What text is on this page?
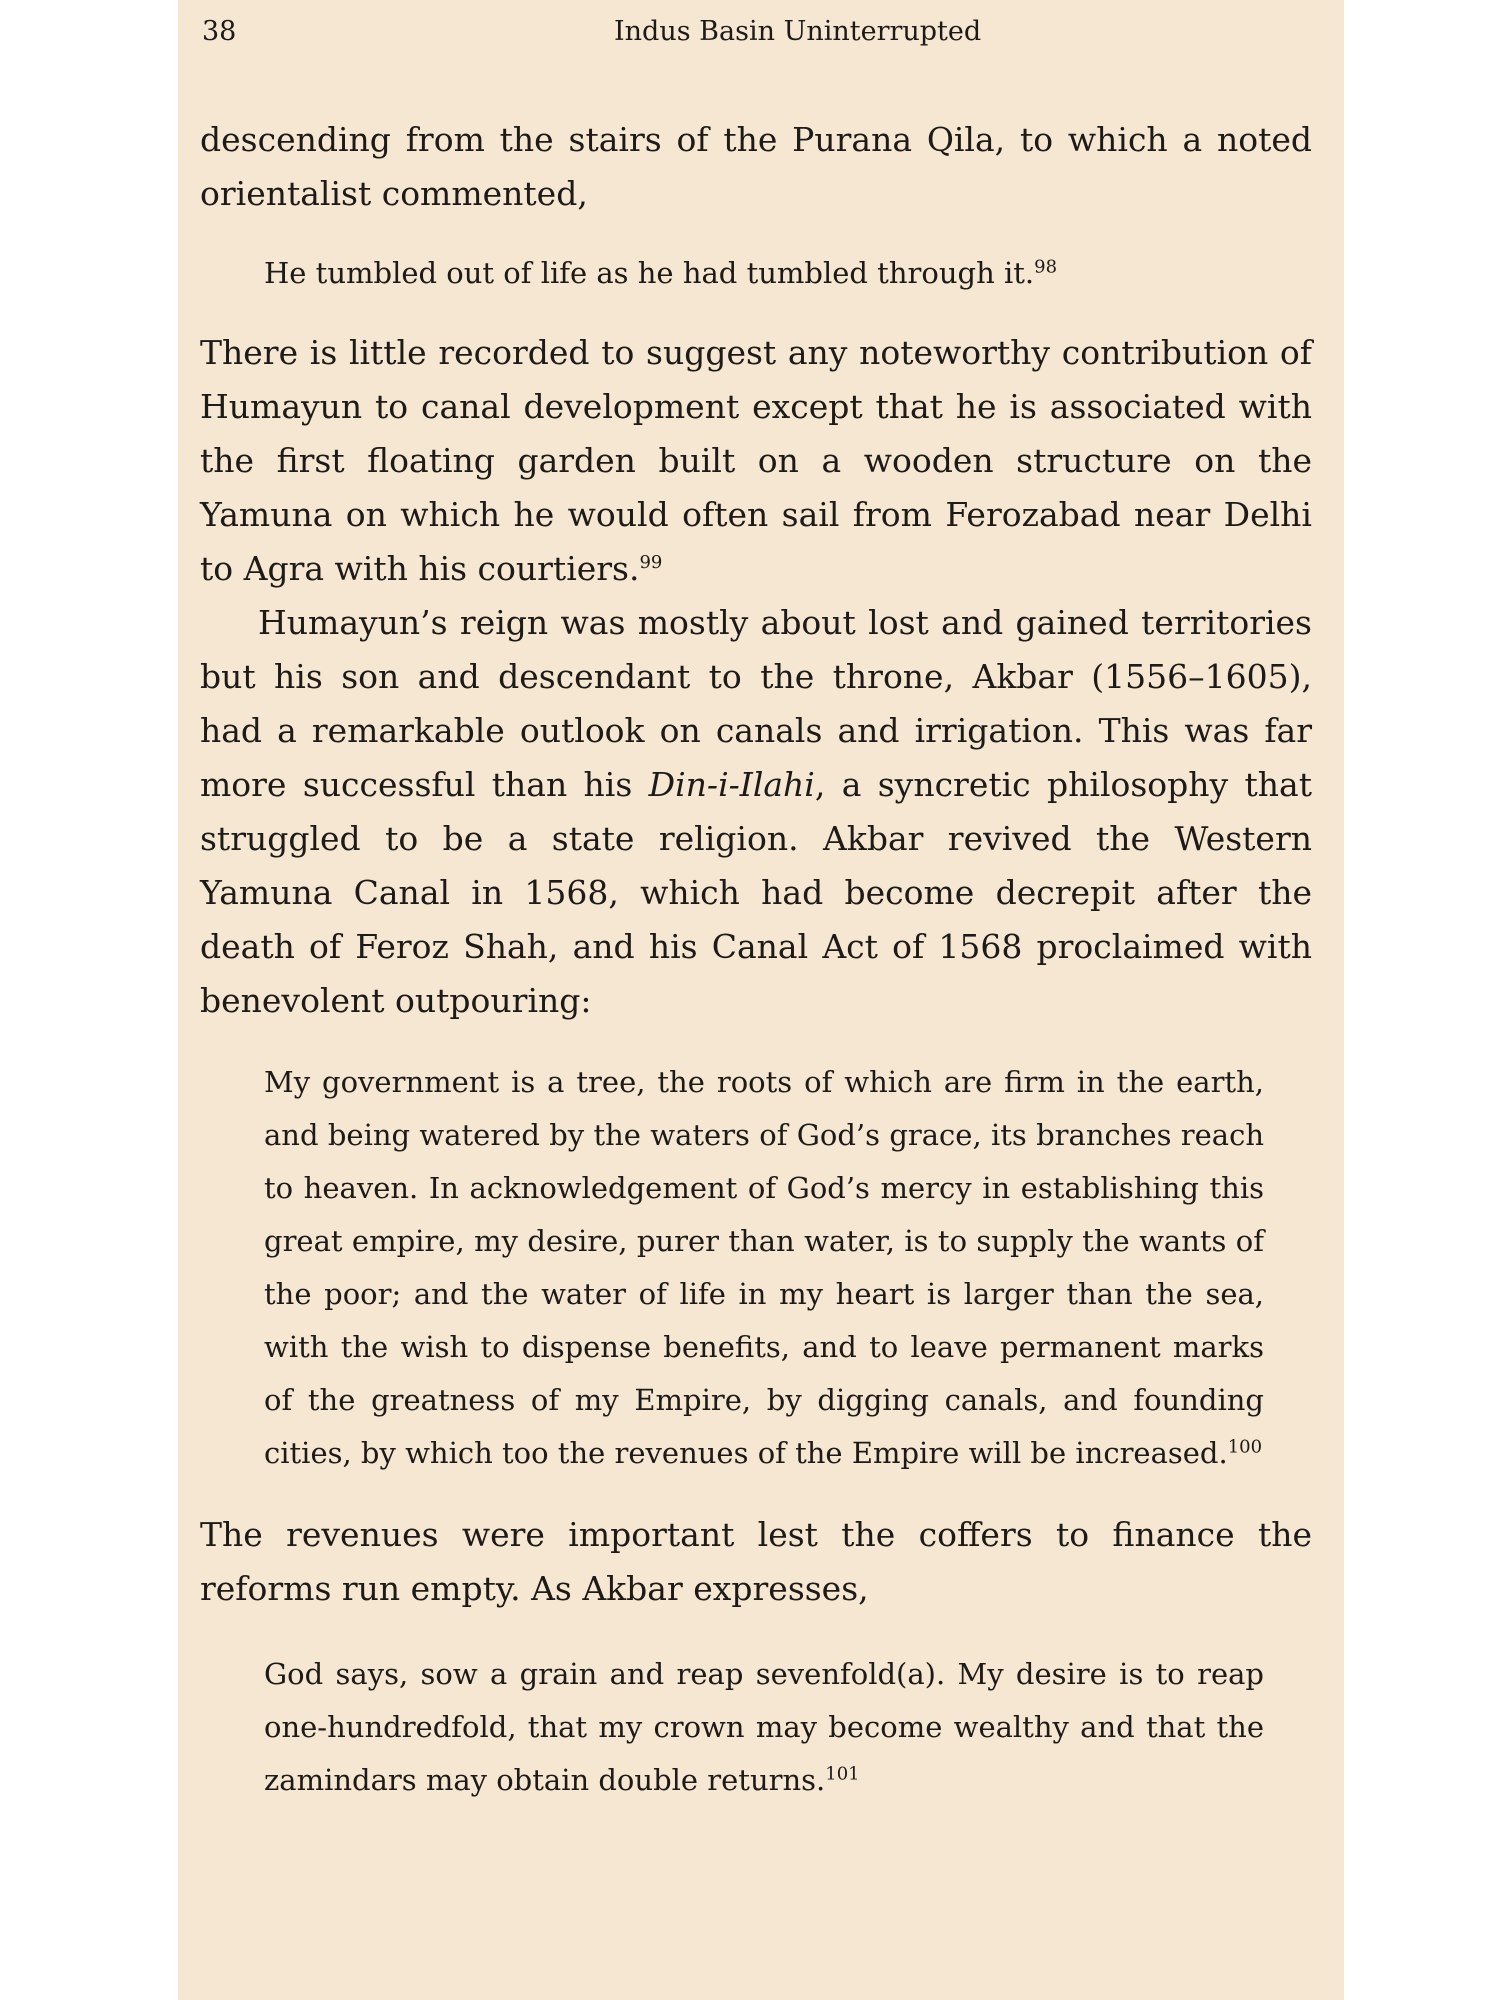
38	Indus Basin Uninterrupted

descending from the stairs of the Purana Qila, to which a noted orientalist commented,

He tumbled out of life as he had tumbled through it.$^{98}$

There is little recorded to suggest any noteworthy contribution of Humayun to canal development except that he is associated with the first floating garden built on a wooden structure on the Yamuna on which he would often sail from Ferozabad near Delhi to Agra with his courtiers.$^{99}$

Humayun’s reign was mostly about lost and gained territories but his son and descendant to the throne, Akbar (1556–1605), had a remarkable outlook on canals and irrigation. This was far more successful than his Din-i-Ilahi, a syncretic philosophy that struggled to be a state religion. Akbar revived the Western Yamuna Canal in 1568, which had become decrepit after the death of Feroz Shah, and his Canal Act of 1568 proclaimed with benevolent outpouring:

My government is a tree, the roots of which are firm in the earth, and being watered by the waters of God’s grace, its branches reach to heaven. In acknowledgement of God’s mercy in establishing this great empire, my desire, purer than water, is to supply the wants of the poor; and the water of life in my heart is larger than the sea, with the wish to dispense benefits, and to leave permanent marks of the greatness of my Empire, by digging canals, and founding cities, by which too the revenues of the Empire will be increased.$^{100}$

The revenues were important lest the coffers to finance the reforms run empty. As Akbar expresses,

God says, sow a grain and reap sevenfold(a). My desire is to reap one-hundredfold, that my crown may become wealthy and that the zamindars may obtain double returns.$^{101}$
